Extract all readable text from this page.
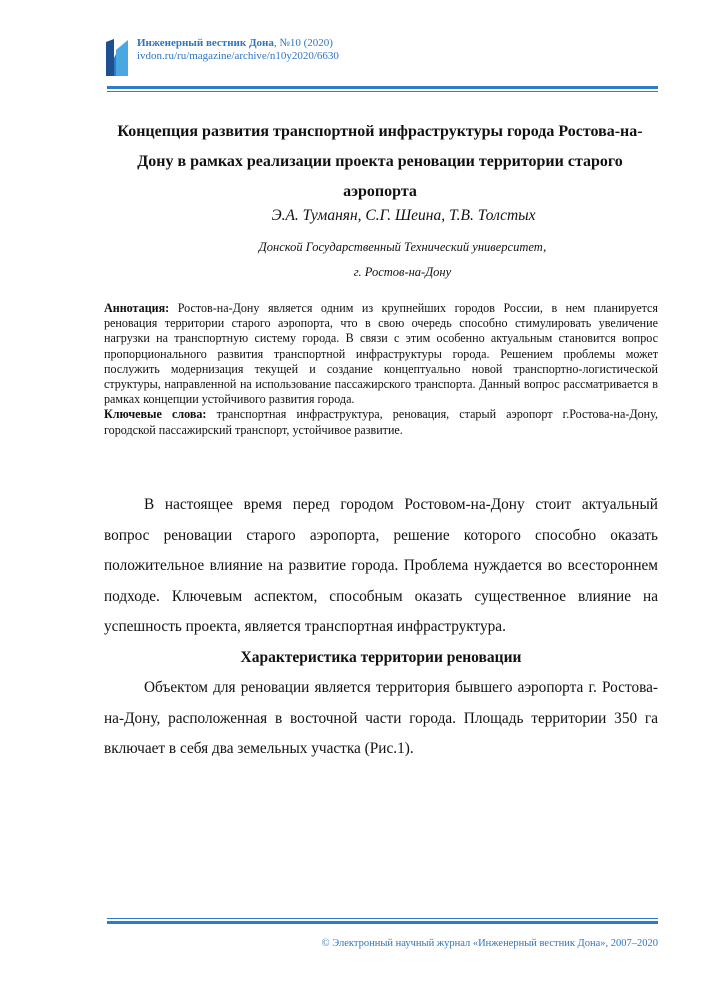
Инженерный вестник Дона, №10 (2020)
ivdon.ru/ru/magazine/archive/n10y2020/6630
Концепция развития транспортной инфраструктуры города Ростова-на-Дону в рамках реализации проекта реновации территории старого аэропорта
Э.А. Туманян, С.Г. Шеина, Т.В. Толстых
Донской Государственный Технический университет,
г. Ростов-на-Дону

Аннотация: Ростов-на-Дону является одним из крупнейших городов России, в нем планируется реновация территории старого аэропорта, что в свою очередь способно стимулировать увеличение нагрузки на транспортную систему города. В связи с этим особенно актуальным становится вопрос пропорционального развития транспортной инфраструктуры города. Решением проблемы может послужить модернизация текущей и создание концептуально новой транспортно-логистической структуры, направленной на использование пассажирского транспорта. Данный вопрос рассматривается в рамках концепции устойчивого развития города.

Ключевые слова: транспортная инфраструктура, реновация, старый аэропорт г.Ростова-на-Дону, городской пассажирский транспорт, устойчивое развитие.

В настоящее время перед городом Ростовом-на-Дону стоит актуальный вопрос реновации старого аэропорта, решение которого способно оказать положительное влияние на развитие города. Проблема нуждается во всестороннем подходе. Ключевым аспектом, способным оказать существенное влияние на успешность проекта, является транспортная инфраструктура.

Характеристика территории реновации

Объектом для реновации является территория бывшего аэропорта г. Ростова-на-Дону, расположенная в восточной части города. Площадь территории 350 га включает в себя два земельных участка (Рис.1).

© Электронный научный журнал «Инженерный вестник Дона», 2007–2020
